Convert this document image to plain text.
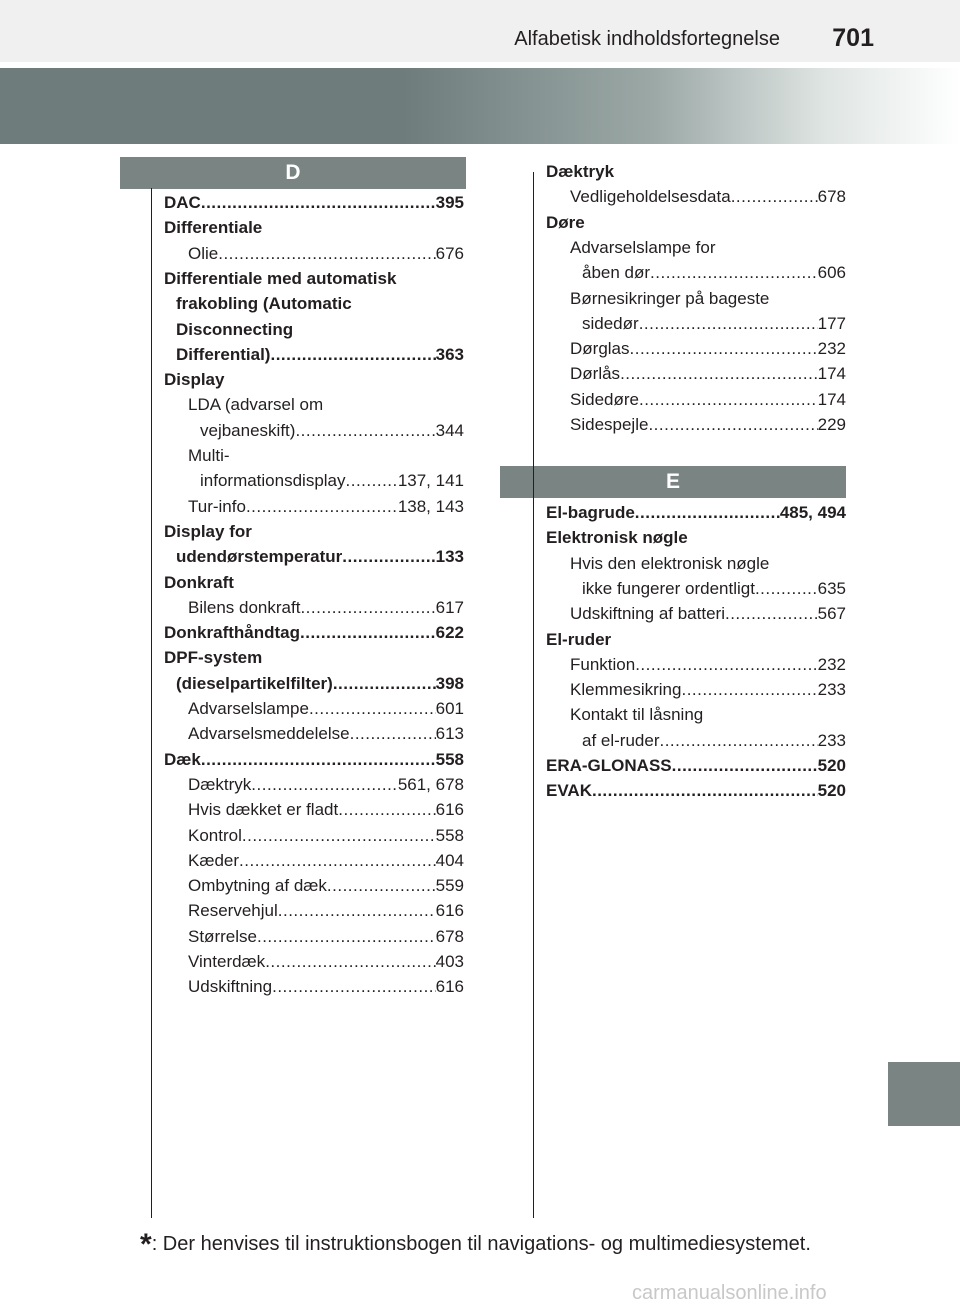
Alfabetisk indholdsfortegnelse 701
D
E
DAC .....	395
Differentiale
Olie .....	676
Differentiale med automatisk
frakobling (Automatic
Disconnecting
Differential) .....	363
Display
LDA (advarsel om
vejbaneskift) .....	344
Multi-
informationsdisplay .....	137, 141
Tur-info .....	138, 143
Display for
udendørstemperatur .....	133
Donkraft
Bilens donkraft .....	617
Donkrafthåndtag .....	622
DPF-system
(dieselpartikelfilter) .....	398
Advarselslampe .....	601
Advarselsmeddelelse .....	613
Dæk .....	558
Dæktryk .....	561, 678
Hvis dækket er fladt .....	616
Kontrol .....	558
Kæder .....	404
Ombytning af dæk .....	559
Reservehjul .....	616
Størrelse .....	678
Vinterdæk .....	403
Udskiftning .....	616
Dæktryk
Vedligeholdelsesdata .....	678
Døre
Advarselslampe for
åben dør .....	606
Børnesikringer på bageste
sidedør .....	177
Dørglas .....	232
Dørlås .....	174
Sidedøre .....	174
Sidespejle .....	229
El-bagrude .....	485, 494
Elektronisk nøgle
Hvis den elektronisk nøgle
ikke fungerer ordentligt .....	635
Udskiftning af batteri .....	567
El-ruder
Funktion .....	232
Klemmesikring .....	233
Kontakt til låsning
af el-ruder .....	233
ERA-GLONASS .....	520
EVAK .....	520
*: Der henvises til instruktionsbogen til navigations- og multimediesystemet.
carmanualsonline.info
